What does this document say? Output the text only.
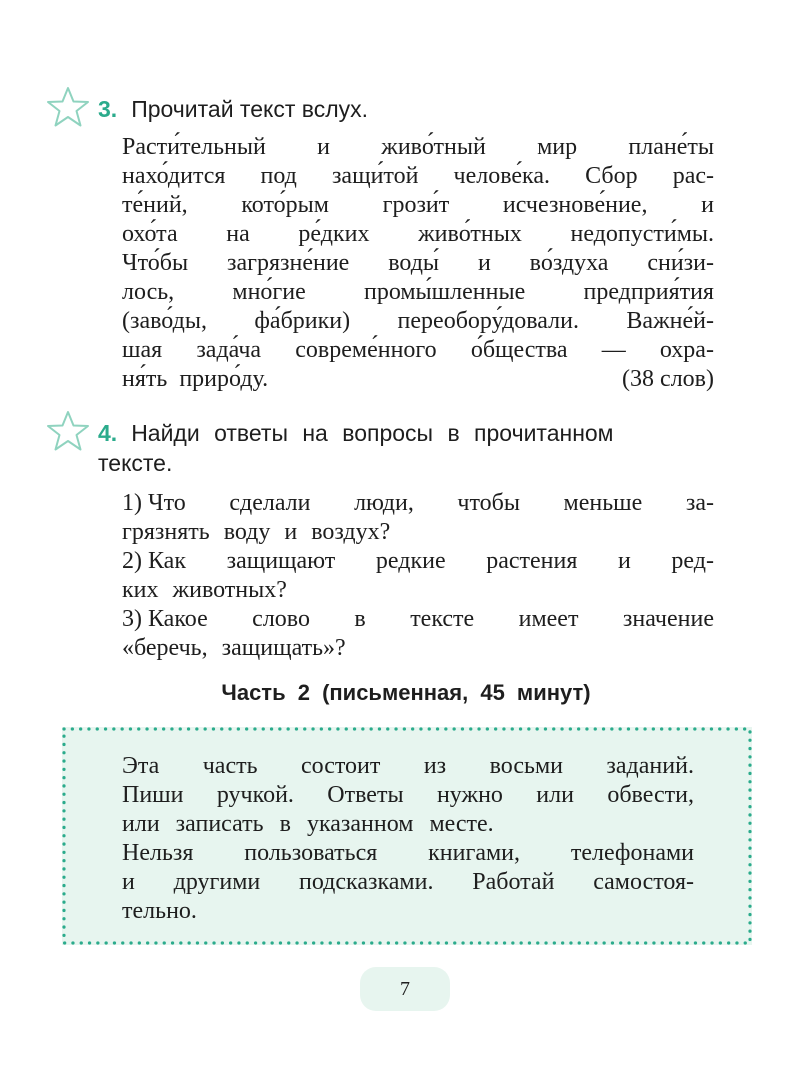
3. Прочитай текст вслух.
Расти́тельный и живо́тный мир плане́ты
нахо́дится под защи́той челове́ка. Сбор рас-
те́ний, кото́рым грози́т исчезнове́ние, и
охо́та на ре́дких живо́тных недопусти́мы.
Что́бы загрязне́ние воды́ и во́здуха сни́зи-
лось, мно́гие промы́шленные предприя́тия
(заво́ды, фа́брики) переобору́довали. Важне́й-
шая зада́ча совреме́нного о́бщества — охра-
ня́ть приро́ду.	(38 слов)
4. Найди ответы на вопросы в прочитанном
тексте.
1) Что сделали люди, чтобы меньше за-
грязнять воду и воздух?
2) Как защищают редкие растения и ред-
ких животных?
3) Какое слово в тексте имеет значение
«беречь, защищать»?
Часть 2 (письменная, 45 минут)
Эта часть состоит из восьми заданий.
Пиши ручкой. Ответы нужно или обвести,
или записать в указанном месте.
Нельзя пользоваться книгами, телефонами
и другими подсказками. Работай самостоя-
тельно.
7
